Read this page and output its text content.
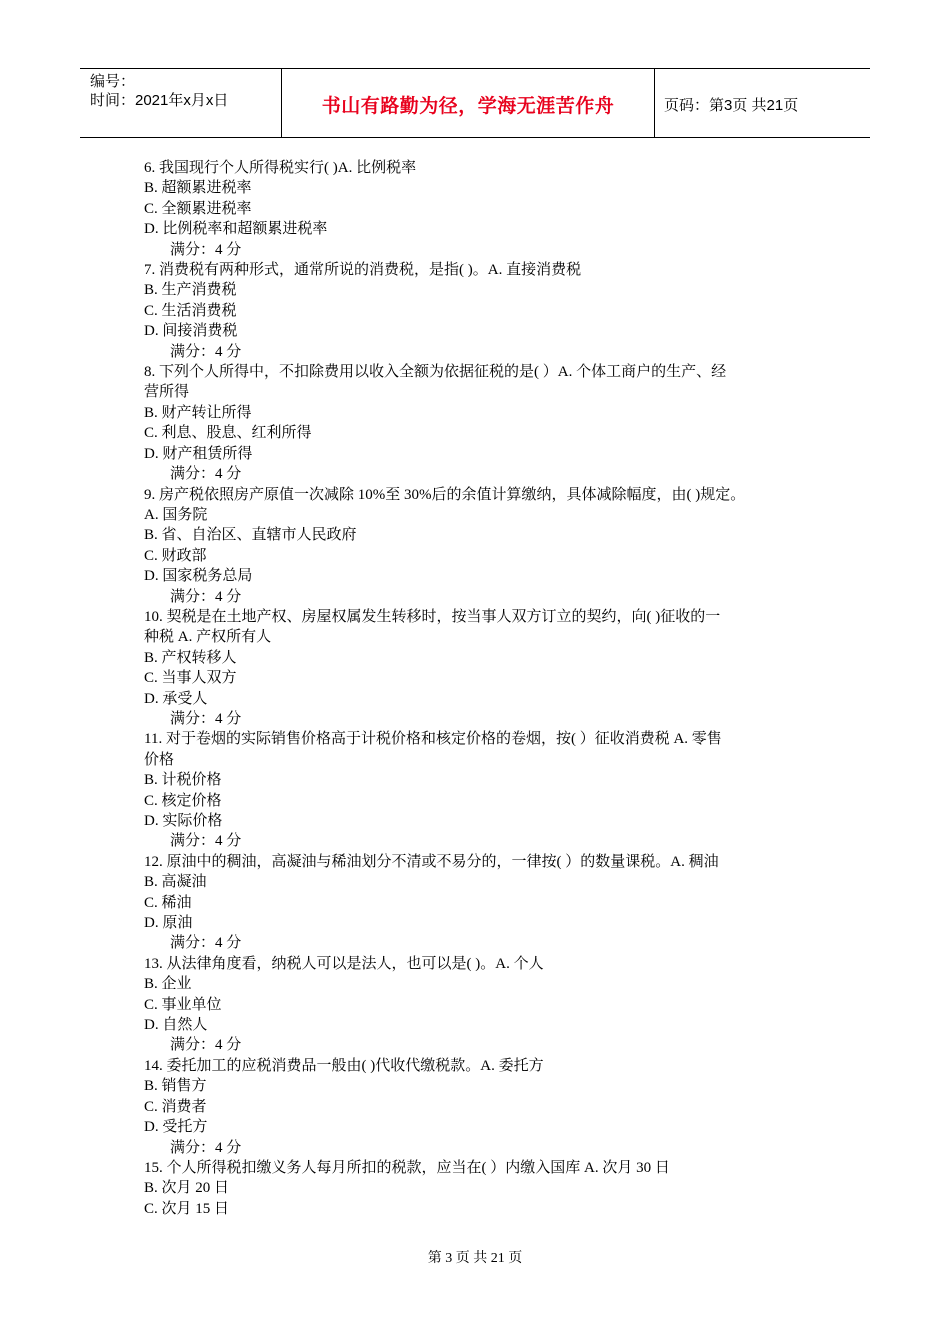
编号：
时间：2021年x月x日	书山有路勤为径，学海无涯苦作舟	页码：第3页 共21页
6. 我国现行个人所得税实行( )A. 比例税率
B. 超额累进税率
C. 全额累进税率
D. 比例税率和超额累进税率
满分：4 分
7. 消费税有两种形式，通常所说的消费税，是指( )。A. 直接消费税
B. 生产消费税
C. 生活消费税
D. 间接消费税
满分：4 分
8. 下列个人所得中，不扣除费用以收入全额为依据征税的是( ）A. 个体工商户的生产、经
营所得
B. 财产转让所得
C. 利息、股息、红利所得
D. 财产租赁所得
满分：4 分
9. 房产税依照房产原值一次减除 10%至 30%后的余值计算缴纳，具体减除幅度，由( )规定。
A. 国务院
B. 省、自治区、直辖市人民政府
C. 财政部
D. 国家税务总局
满分：4 分
10. 契税是在土地产权、房屋权属发生转移时，按当事人双方订立的契约，向( )征收的一
种税 A. 产权所有人
B. 产权转移人
C. 当事人双方
D. 承受人
满分：4 分
11. 对于卷烟的实际销售价格高于计税价格和核定价格的卷烟，按( ）征收消费税 A. 零售
价格
B. 计税价格
C. 核定价格
D. 实际价格
满分：4 分
12. 原油中的稠油，高凝油与稀油划分不清或不易分的，一律按( ）的数量课税。A. 稠油
B. 高凝油
C. 稀油
D. 原油
满分：4 分
13. 从法律角度看，纳税人可以是法人，也可以是( )。A. 个人
B. 企业
C. 事业单位
D. 自然人
满分：4 分
14. 委托加工的应税消费品一般由( )代收代缴税款。A. 委托方
B. 销售方
C. 消费者
D. 受托方
满分：4 分
15. 个人所得税扣缴义务人每月所扣的税款，应当在( ）内缴入国库 A. 次月 30 日
B. 次月 20 日
C. 次月 15 日
第 3 页 共 21 页
